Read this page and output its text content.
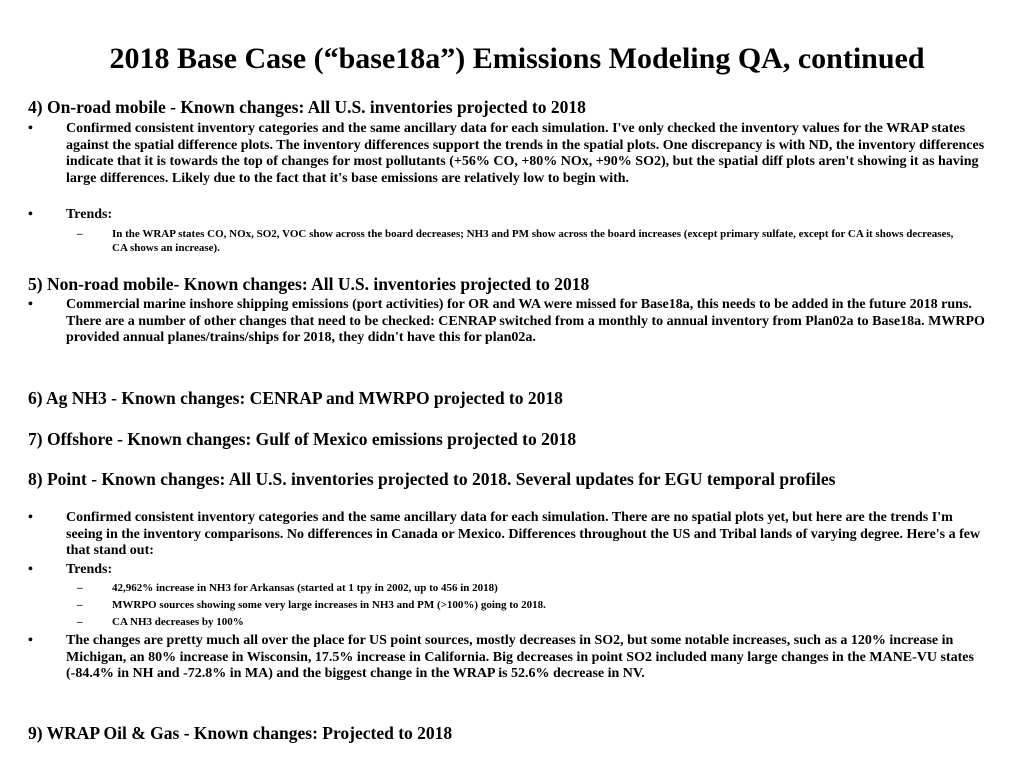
2018 Base Case (“base18a”) Emissions Modeling QA, continued
4) On-road mobile - Known changes: All U.S. inventories projected to 2018
•	Confirmed consistent inventory categories and the same ancillary data for each simulation. I've only checked the inventory values for the WRAP states against the spatial difference plots. The inventory differences support the trends in the spatial plots. One discrepancy is with ND, the inventory differences indicate that it is towards the top of changes for most pollutants (+56% CO, +80% NOx, +90% SO2), but the spatial diff plots aren't showing it as having large differences. Likely due to the fact that it's base emissions are relatively low to begin with.
•	Trends:
–	In the WRAP states CO, NOx, SO2, VOC show across the board decreases; NH3 and PM show across the board increases (except primary sulfate, except for CA it shows decreases, CA shows an increase).
5) Non-road mobile- Known changes: All U.S. inventories projected to 2018
•	Commercial marine inshore shipping emissions (port activities) for OR and WA were missed for Base18a, this needs to be added in the future 2018 runs. There are a number of other changes that need to be checked: CENRAP switched from a monthly to annual inventory from Plan02a to Base18a. MWRPO provided annual planes/trains/ships for 2018, they didn't have this for plan02a.
6) Ag NH3 - Known changes: CENRAP and MWRPO projected to 2018
7) Offshore - Known changes: Gulf of Mexico emissions projected to 2018
8) Point - Known changes: All U.S. inventories projected to 2018. Several updates for EGU temporal profiles
•	Confirmed consistent inventory categories and the same ancillary data for each simulation. There are no spatial plots yet, but here are the trends I'm seeing in the inventory comparisons. No differences in Canada or Mexico. Differences throughout the US and Tribal lands of varying degree. Here's a few that stand out:
•	Trends:
–	42,962% increase in NH3 for Arkansas (started at 1 tpy in 2002, up to 456 in 2018)
–	MWRPO sources showing some very large increases in NH3 and PM (>100%) going to 2018.
–	CA NH3 decreases by 100%
•	The changes are pretty much all over the place for US point sources, mostly decreases in SO2, but some notable increases, such as a 120% increase in Michigan, an 80% increase in Wisconsin, 17.5% increase in California. Big decreases in point SO2 included many large changes in the MANE-VU states (-84.4% in NH and -72.8% in MA) and the biggest change in the WRAP is 52.6% decrease in NV.
9) WRAP Oil & Gas - Known changes: Projected to 2018
